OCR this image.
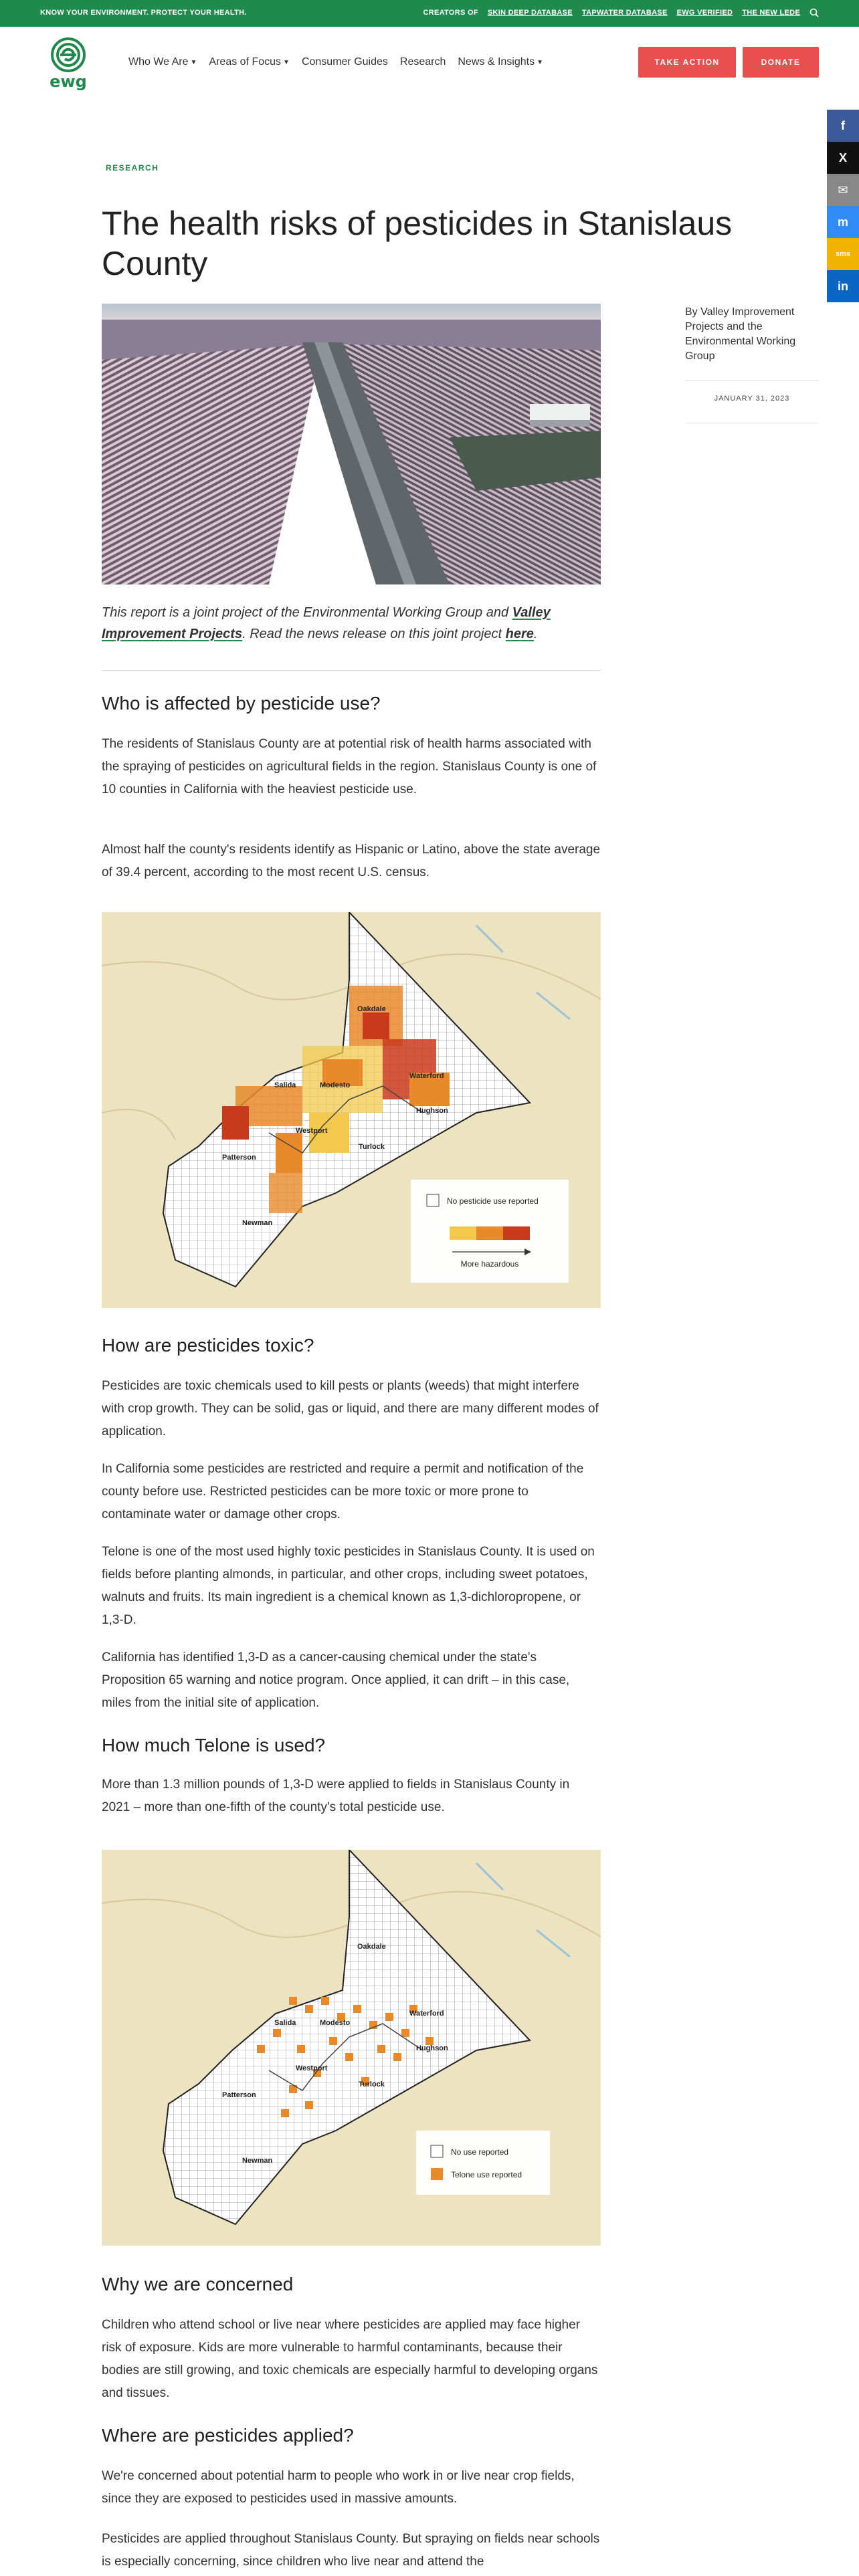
KNOW YOUR ENVIRONMENT. PROTECT YOUR HEALTH.	CREATORS OF SKIN DEEP DATABASE TAPWATER DATABASE EWG VERIFIED THE NEW LEDE
ewg
Who We Are ▼ Areas of Focus ▼ Consumer Guides Research News & Insights ▼	TAKE ACTION	DONATE
f
X
✉
m
sms
in
RESEARCH
The health risks of pesticides in Stanislaus County
By Valley Improvement Projects and the Environmental Working Group
JANUARY 31, 2023
This report is a joint project of the Environmental Working Group and Valley Improvement Projects. Read the news release on this joint project here.
Who is affected by pesticide use?

The residents of Stanislaus County are at potential risk of health harms associated with the spraying of pesticides on agricultural fields in the region. Stanislaus County is one of 10 counties in California with the heaviest pesticide use.

Almost half the county's residents identify as Hispanic or Latino, above the state average of 39.4 percent, according to the most recent U.S. census.

Oakdale
Salida	Modesto
Waterford
Hughson
Westport
Turlock
Patterson
Newman
No pesticide use reported
More hazardous
How are pesticides toxic?

Pesticides are toxic chemicals used to kill pests or plants (weeds) that might interfere with crop growth. They can be solid, gas or liquid, and there are many different modes of application.

In California some pesticides are restricted and require a permit and notification of the county before use. Restricted pesticides can be more toxic or more prone to contaminate water or damage other crops.

Telone is one of the most used highly toxic pesticides in Stanislaus County. It is used on fields before planting almonds, in particular, and other crops, including sweet potatoes, walnuts and fruits. Its main ingredient is a chemical known as 1,3-dichloropropene, or 1,3-D.

California has identified 1,3-D as a cancer-causing chemical under the state's Proposition 65 warning and notice program. Once applied, it can drift – in this case, miles from the initial site of application.

How much Telone is used?

More than 1.3 million pounds of 1,3-D were applied to fields in Stanislaus County in 2021 – more than one-fifth of the county's total pesticide use.

Oakdale
Salida	Modesto
Waterford
Hughson
Westport
Turlock
Patterson
Newman
No use reported
Telone use reported
Why we are concerned

Children who attend school or live near where pesticides are applied may face higher risk of exposure. Kids are more vulnerable to harmful contaminants, because their bodies are still growing, and toxic chemicals are especially harmful to developing organs and tissues.

Where are pesticides applied?

We're concerned about potential harm to people who work in or live near crop fields, since they are exposed to pesticides used in massive amounts.

Pesticides are applied throughout Stanislaus County. But spraying on fields near schools is especially concerning, since children who live near and attend the
